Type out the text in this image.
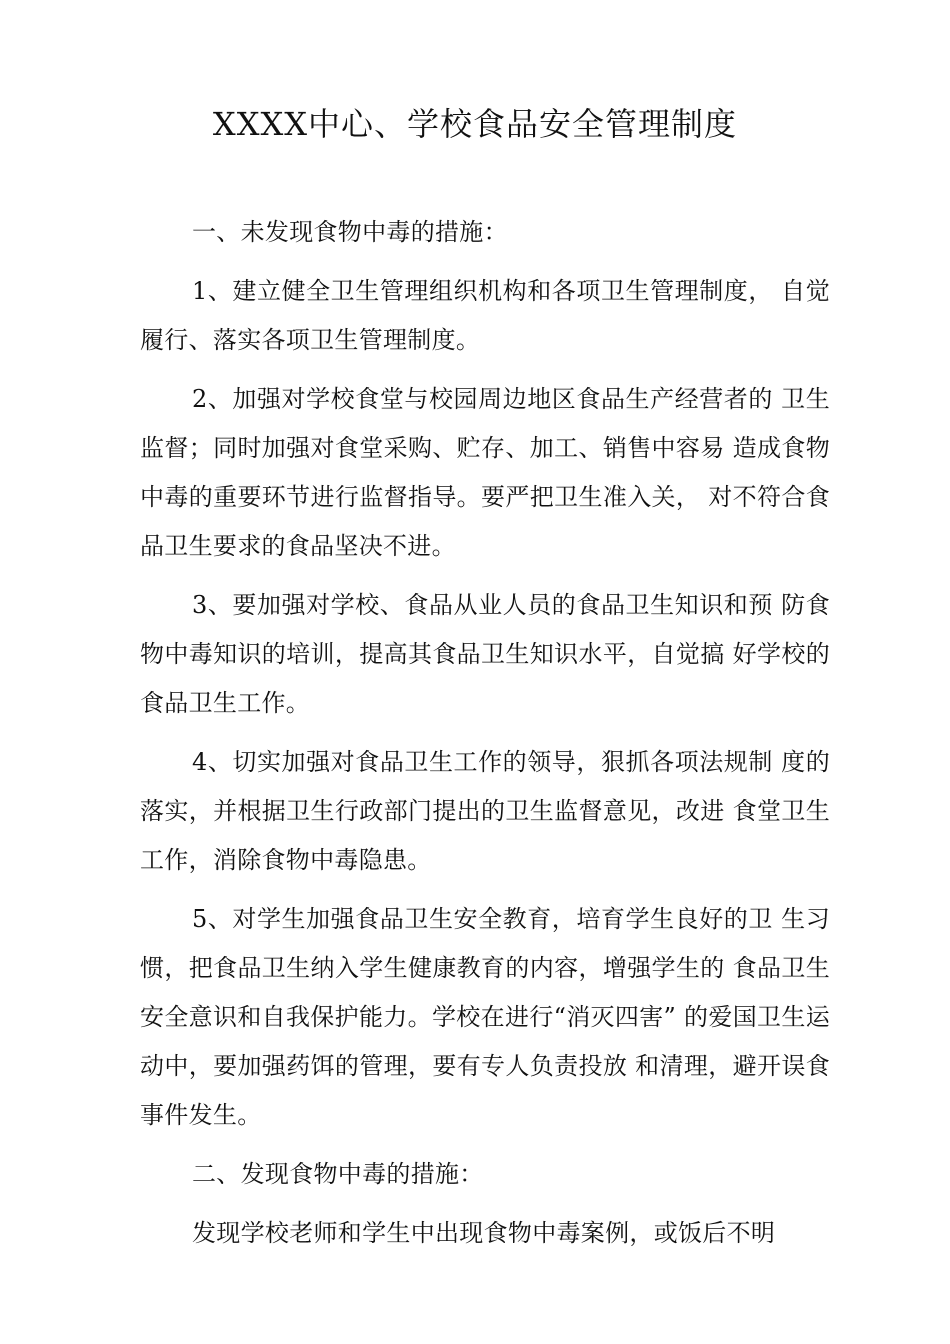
XXXX中心、学校食品安全管理制度

一、未发现食物中毒的措施：

1、建立健全卫生管理组织机构和各项卫生管理制度， 自觉履行、落实各项卫生管理制度。

2、加强对学校食堂与校园周边地区食品生产经营者的 卫生监督；同时加强对食堂采购、贮存、加工、销售中容易 造成食物中毒的重要环节进行监督指导。要严把卫生准入关， 对不符合食品卫生要求的食品坚决不进。

3、要加强对学校、食品从业人员的食品卫生知识和预 防食物中毒知识的培训，提高其食品卫生知识水平，自觉搞 好学校的食品卫生工作。

4、切实加强对食品卫生工作的领导，狠抓各项法规制 度的落实，并根据卫生行政部门提出的卫生监督意见，改进 食堂卫生工作，消除食物中毒隐患。

5、对学生加强食品卫生安全教育，培育学生良好的卫 生习惯，把食品卫生纳入学生健康教育的内容，增强学生的 食品卫生安全意识和自我保护能力。学校在进行“消灭四害” 的爱国卫生运动中，要加强药饵的管理，要有专人负责投放 和清理，避开误食事件发生。

二、发现食物中毒的措施：

发现学校老师和学生中出现食物中毒案例，或饭后不明
